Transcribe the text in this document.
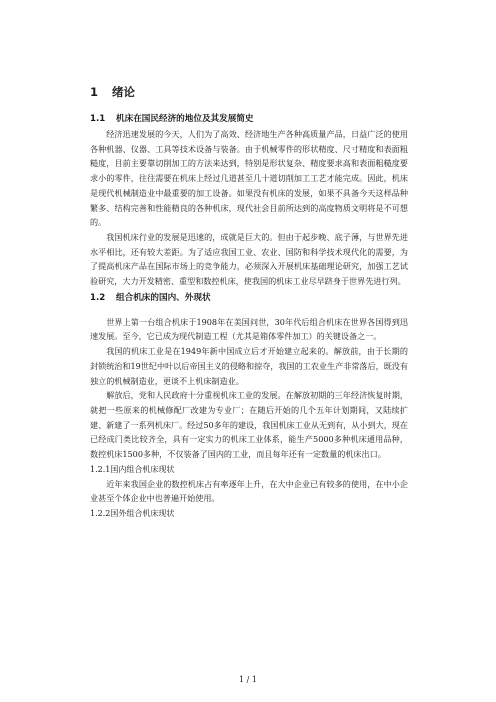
1 绪论
1.1 机床在国民经济的地位及其发展简史

经济迅速发展的今天，人们为了高效、经济地生产各种高质量产品，日益广泛的使用各种机器、仪器、工具等技术设备与装备。由于机械零件的形状精度、尺寸精度和表面粗糙度，目前主要靠切削加工的方法来达到，特别是形状复杂、精度要求高和表面粗糙度要求小的零件，往往需要在机床上经过几道甚至几十道切削加工工艺才能完成。因此，机床是现代机械制造业中最重要的加工设备。如果没有机床的发展，如果不具备今天这样品种繁多、结构完善和性能精良的各种机床，现代社会目前所达到的高度物质文明将是不可想的。

我国机床行业的发展是迅速的，成就是巨大的。但由于起步晚、底子薄，与世界先进水平相比，还有较大差距。为了适应我国工业、农业、国防和科学技术现代化的需要，为了提高机床产品在国际市场上的竞争能力，必须深入开展机床基础理论研究，加强工艺试验研究，大力开发精密、重型和数控机床，使我国的机床工业尽早跻身于世界先进行列。

1.2 组合机床的国内、外现状

世界上第一台组合机床于1908年在美国问世，30年代后组合机床在世界各国得到迅速发展。至今，它已成为现代制造工程（尤其是箱体零件加工）的关键设备之一。

我国的机床工业是在1949年新中国成立后才开始建立起来的。解放前，由于长期的封锁统治和19世纪中叶以后帝国主义的侵略和掠夺，我国的工农业生产非常落后，既没有独立的机械制造业，更谈不上机床制造业。

解放后，党和人民政府十分重视机床工业的发展。在解放初期的三年经济恢复时期，就把一些原来的机械修配厂改建为专业厂；在随后开始的几个五年计划期间，又陆续扩建、新建了一系列机床厂。经过50多年的建设，我国机床工业从无到有，从小到大，现在已经成门类比较齐全，具有一定实力的机床工业体系，能生产5000多种机床通用品种，数控机床1500多种，不仅装备了国内的工业，而且每年还有一定数量的机床出口。

1.2.1国内组合机床现状

近年来我国企业的数控机床占有率逐年上升，在大中企业已有较多的使用，在中小企业甚至个体企业中也普遍开始使用。

1.2.2国外组合机床现状
1 / 1
